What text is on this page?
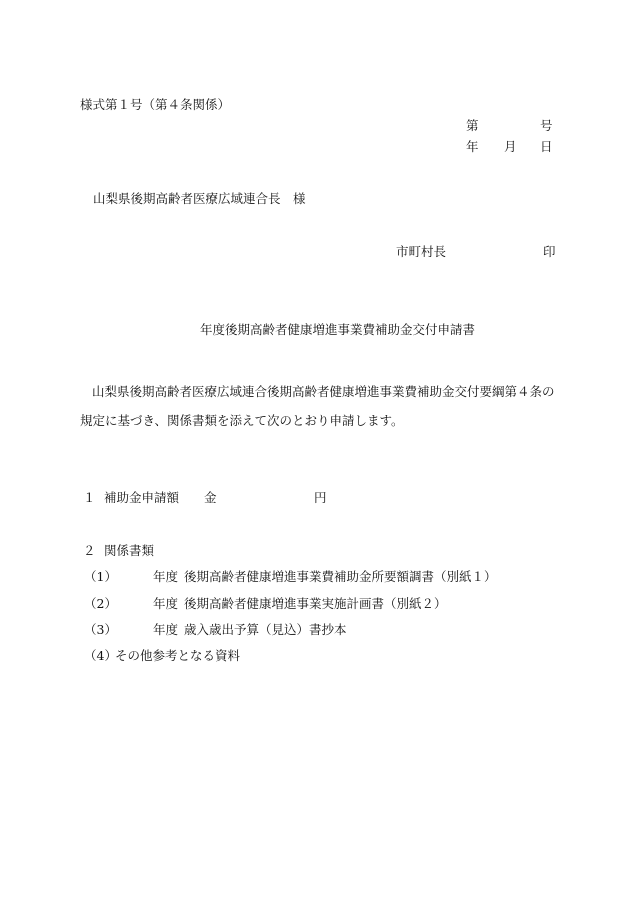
様式第１号（第４条関係）
第	号
年 月 日
山梨県後期高齢者医療広域連合長　様
市町村長	印
年度後期高齢者健康増進事業費補助金交付申請書
山梨県後期高齢者医療広域連合後期高齢者健康増進事業費補助金交付要綱第４条の
規定に基づき、関係書類を添えて次のとおり申請します。
１ 補助金申請額 金	円
２ 関係書類
（1）	年度 後期高齢者健康増進事業費補助金所要額調書（別紙１）
（2）	年度 後期高齢者健康増進事業実施計画書（別紙２）
（3）	年度 歳入歳出予算（見込）書抄本
（4）
その他参考となる資料
